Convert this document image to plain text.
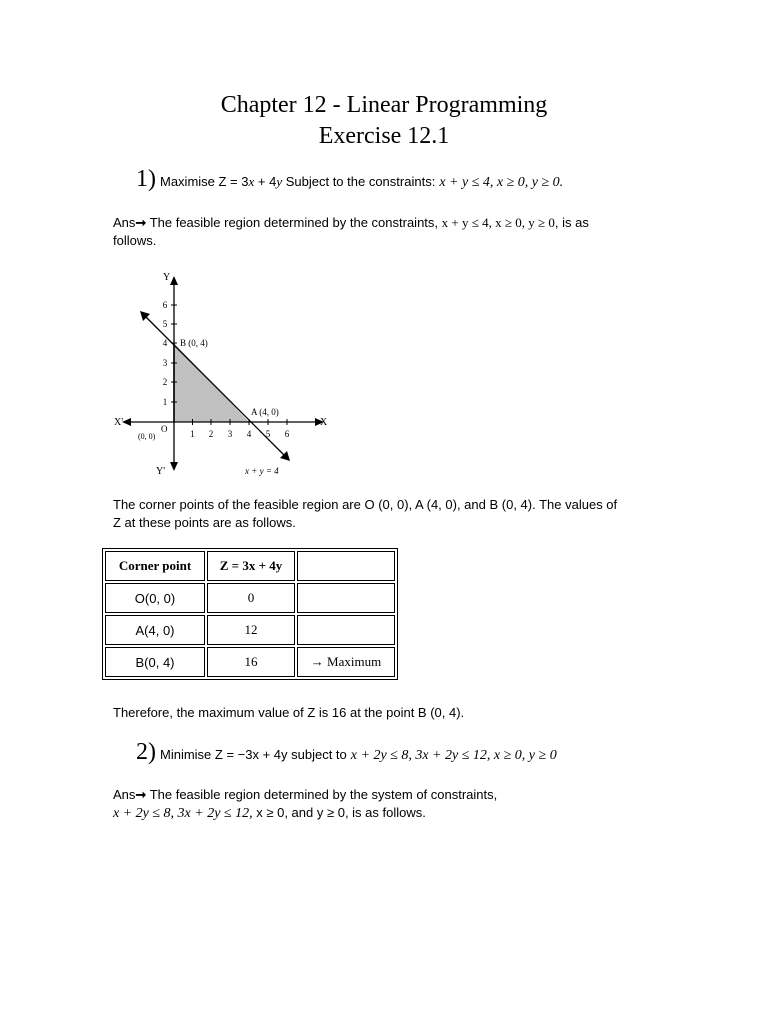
Chapter 12 - Linear Programming
Exercise 12.1
1) Maximise Z = 3x + 4y Subject to the constraints: x + y ≤ 4, x ≥ 0, y ≥ 0.
Ans➞ The feasible region determined by the constraints, x + y ≤ 4, x ≥ 0, y ≥ 0, is as
follows.
1 2 3 4 5 6
1
2
3
4
5
6
Y
Y'
X
X'
O
(0, 0)
B (0, 4)
A (4, 0)
x + y = 4
The corner points of the feasible region are O (0, 0), A (4, 0), and B (0, 4). The values of
Z at these points are as follows.
Corner point	Z = 3x + 4y	
O(0, 0)	0	
A(4, 0)	12	
B(0, 4)	16	→ Maximum
Therefore, the maximum value of Z is 16 at the point B (0, 4).
2) Minimise Z = −3x + 4y subject to x + 2y ≤ 8, 3x + 2y ≤ 12, x ≥ 0, y ≥ 0
Ans➞ The feasible region determined by the system of constraints,
x + 2y ≤ 8, 3x + 2y ≤ 12, x ≥ 0, and y ≥ 0, is as follows.
